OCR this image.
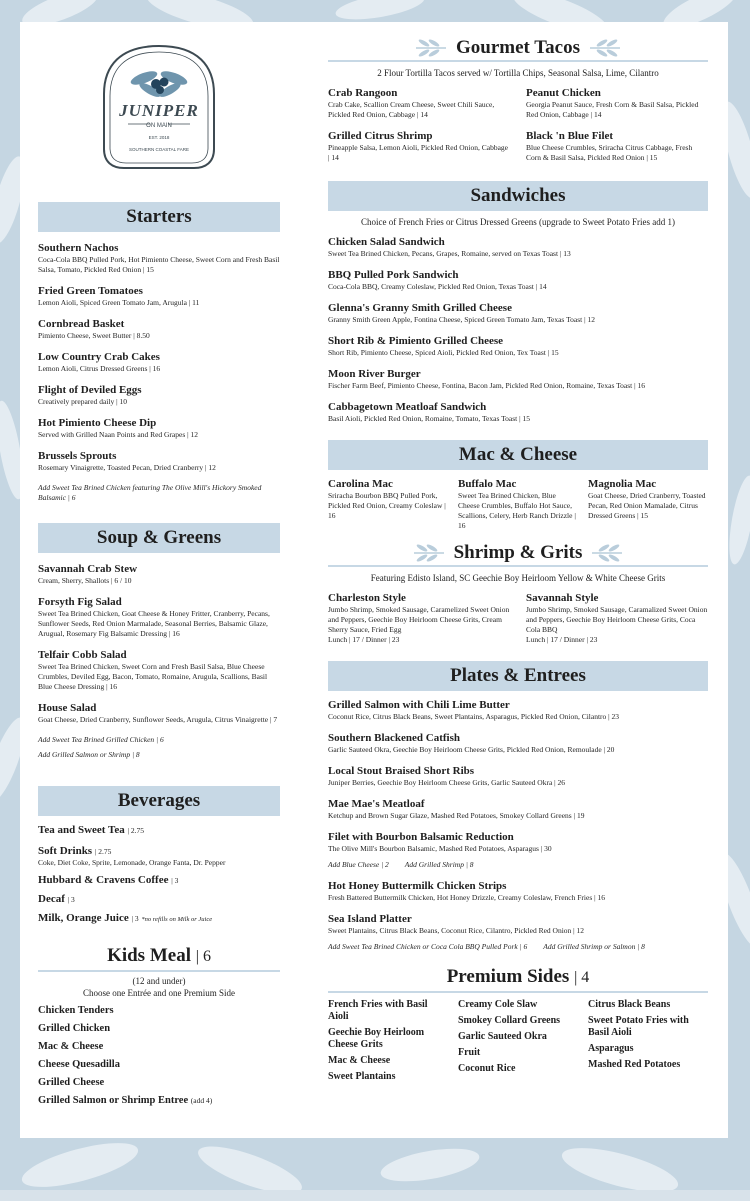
JUNIPER
ON MAIN
EST. 2018
SOUTHERN COASTAL FARE
Starters
Southern Nachos
Coca-Cola BBQ Pulled Pork, Hot Pimiento Cheese, Sweet Corn and Fresh Basil Salsa, Tomato, Pickled Red Onion | 15
Fried Green Tomatoes
Lemon Aioli, Spiced Green Tomato Jam, Arugula | 11
Cornbread Basket
Pimiento Cheese, Sweet Butter | 8.50
Low Country Crab Cakes
Lemon Aioli, Citrus Dressed Greens | 16
Flight of Deviled Eggs
Creatively prepared daily | 10
Hot Pimiento Cheese Dip
Served with Grilled Naan Points and Red Grapes | 12
Brussels Sprouts
Rosemary Vinaigrette, Toasted Pecan, Dried Cranberry | 12
Add Sweet Tea Brined Chicken featuring The Olive Mill's Hickory Smoked Balsamic | 6
Soup & Greens
Savannah Crab Stew
Cream, Sherry, Shallots | 6 / 10
Forsyth Fig Salad
Sweet Tea Brined Chicken, Goat Cheese & Honey Fritter, Cranberry, Pecans, Sunflower Seeds, Red Onion Marmalade, Seasonal Berries, Balsamic Glaze, Arugual, Rosemary Fig Balsamic Dressing | 16
Telfair Cobb Salad
Sweet Tea Brined Chicken, Sweet Corn and Fresh Basil Salsa, Blue Cheese Crumbles, Deviled Egg, Bacon, Tomato, Romaine, Arugula, Scallions, Basil Blue Cheese Dressing | 16
House Salad
Goat Cheese, Dried Cranberry, Sunflower Seeds, Arugula, Citrus Vinaigrette | 7
Add Sweet Tea Brined Grilled Chicken | 6
Add Grilled Salmon or Shrimp | 8
Beverages
Tea and Sweet Tea | 2.75
Soft Drinks | 2.75
Coke, Diet Coke, Sprite, Lemonade, Orange Fanta, Dr. Pepper
Hubbard & Cravens Coffee | 3
Decaf | 3
Milk, Orange Juice | 3 *no refills on Milk or Juice
Kids Meal | 6
(12 and under)
Choose one Entrée and one Premium Side
Chicken Tenders
Grilled Chicken
Mac & Cheese
Cheese Quesadilla
Grilled Cheese
Grilled Salmon or Shrimp Entree (add 4)
Gourmet Tacos
2 Flour Tortilla Tacos served w/ Tortilla Chips, Seasonal Salsa, Lime, Cilantro
Crab Rangoon
Crab Cake, Scallion Cream Cheese, Sweet Chili Sauce, Pickled Red Onion, Cabbage | 14
Peanut Chicken
Georgia Peanut Sauce, Fresh Corn & Basil Salsa, Pickled Red Onion, Cabbage | 14
Grilled Citrus Shrimp
Pineapple Salsa, Lemon Aioli, Pickled Red Onion, Cabbage | 14
Black 'n Blue Filet
Blue Cheese Crumbles, Sriracha Citrus Cabbage, Fresh Corn & Basil Salsa, Pickled Red Onion | 15
Sandwiches
Choice of French Fries or Citrus Dressed Greens (upgrade to Sweet Potato Fries add 1)
Chicken Salad Sandwich
Sweet Tea Brined Chicken, Pecans, Grapes, Romaine, served on Texas Toast | 13
BBQ Pulled Pork Sandwich
Coca-Cola BBQ, Creamy Coleslaw, Pickled Red Onion, Texas Toast | 14
Glenna's Granny Smith Grilled Cheese
Granny Smith Green Apple, Fontina Cheese, Spiced Green Tomato Jam, Texas Toast | 12
Short Rib & Pimiento Grilled Cheese
Short Rib, Pimiento Cheese, Spiced Aioli, Pickled Red Onion, Tex Toast | 15
Moon River Burger
Fischer Farm Beef, Pimiento Cheese, Fontina, Bacon Jam, Pickled Red Onion, Romaine, Texas Toast | 16
Cabbagetown Meatloaf Sandwich
Basil Aioli, Pickled Red Onion, Romaine, Tomato, Texas Toast | 15
Mac & Cheese
Carolina Mac
Sriracha Bourbon BBQ Pulled Pork, Pickled Red Onion, Creamy Coleslaw | 16
Buffalo Mac
Sweet Tea Brined Chicken, Blue Cheese Crumbles, Buffalo Hot Sauce, Scallions, Celery, Herb Ranch Drizzle | 16
Magnolia Mac
Goat Cheese, Dried Cranberry, Toasted Pecan, Red Onion Mamalade, Citrus Dressed Greens | 15
Shrimp & Grits
Featuring Edisto Island, SC Geechie Boy Heirloom Yellow & White Cheese Grits
Charleston Style
Jumbo Shrimp, Smoked Sausage, Caramelized Sweet Onion and Peppers, Geechie Boy Heirloom Cheese Grits, Cream Sherry Sauce, Fried Egg
Lunch | 17 / Dinner | 23
Savannah Style
Jumbo Shrimp, Smoked Sausage, Caramalized Sweet Onion and Peppers, Geechie Boy Heirloom Cheese Grits, Coca Cola BBQ
Lunch | 17 / Dinner | 23
Plates & Entrees
Grilled Salmon with Chili Lime Butter
Coconut Rice, Citrus Black Beans, Sweet Plantains, Asparagus, Pickled Red Onion, Cilantro | 23
Southern Blackened Catfish
Garlic Sauteed Okra, Geechie Boy Heirloom Cheese Grits, Pickled Red Onion, Remoulade | 20
Local Stout Braised Short Ribs
Juniper Berries, Geechie Boy Heirloom Cheese Grits, Garlic Sauteed Okra | 26
Mae Mae's Meatloaf
Ketchup and Brown Sugar Glaze, Mashed Red Potatoes, Smokey Collard Greens | 19
Filet with Bourbon Balsamic Reduction
The Olive Mill's Bourbon Balsamic, Mashed Red Potatoes, Asparagus | 30
Add Blue Cheese | 2 Add Grilled Shrimp | 8
Hot Honey Buttermilk Chicken Strips
Fresh Battered Buttermilk Chicken, Hot Honey Drizzle, Creamy Coleslaw, French Fries | 16
Sea Island Platter
Sweet Plantains, Citrus Black Beans, Coconut Rice, Cilantro, Pickled Red Onion | 12
Add Sweet Tea Brined Chicken or Coca Cola BBQ Pulled Pork | 6 Add Grilled Shrimp or Salmon | 8
Premium Sides | 4
French Fries with Basil Aioli
Geechie Boy Heirloom Cheese Grits
Mac & Cheese
Sweet Plantains
Creamy Cole Slaw
Smokey Collard Greens
Garlic Sauteed Okra
Fruit
Coconut Rice
Citrus Black Beans
Sweet Potato Fries with Basil Aioli
Asparagus
Mashed Red Potatoes
